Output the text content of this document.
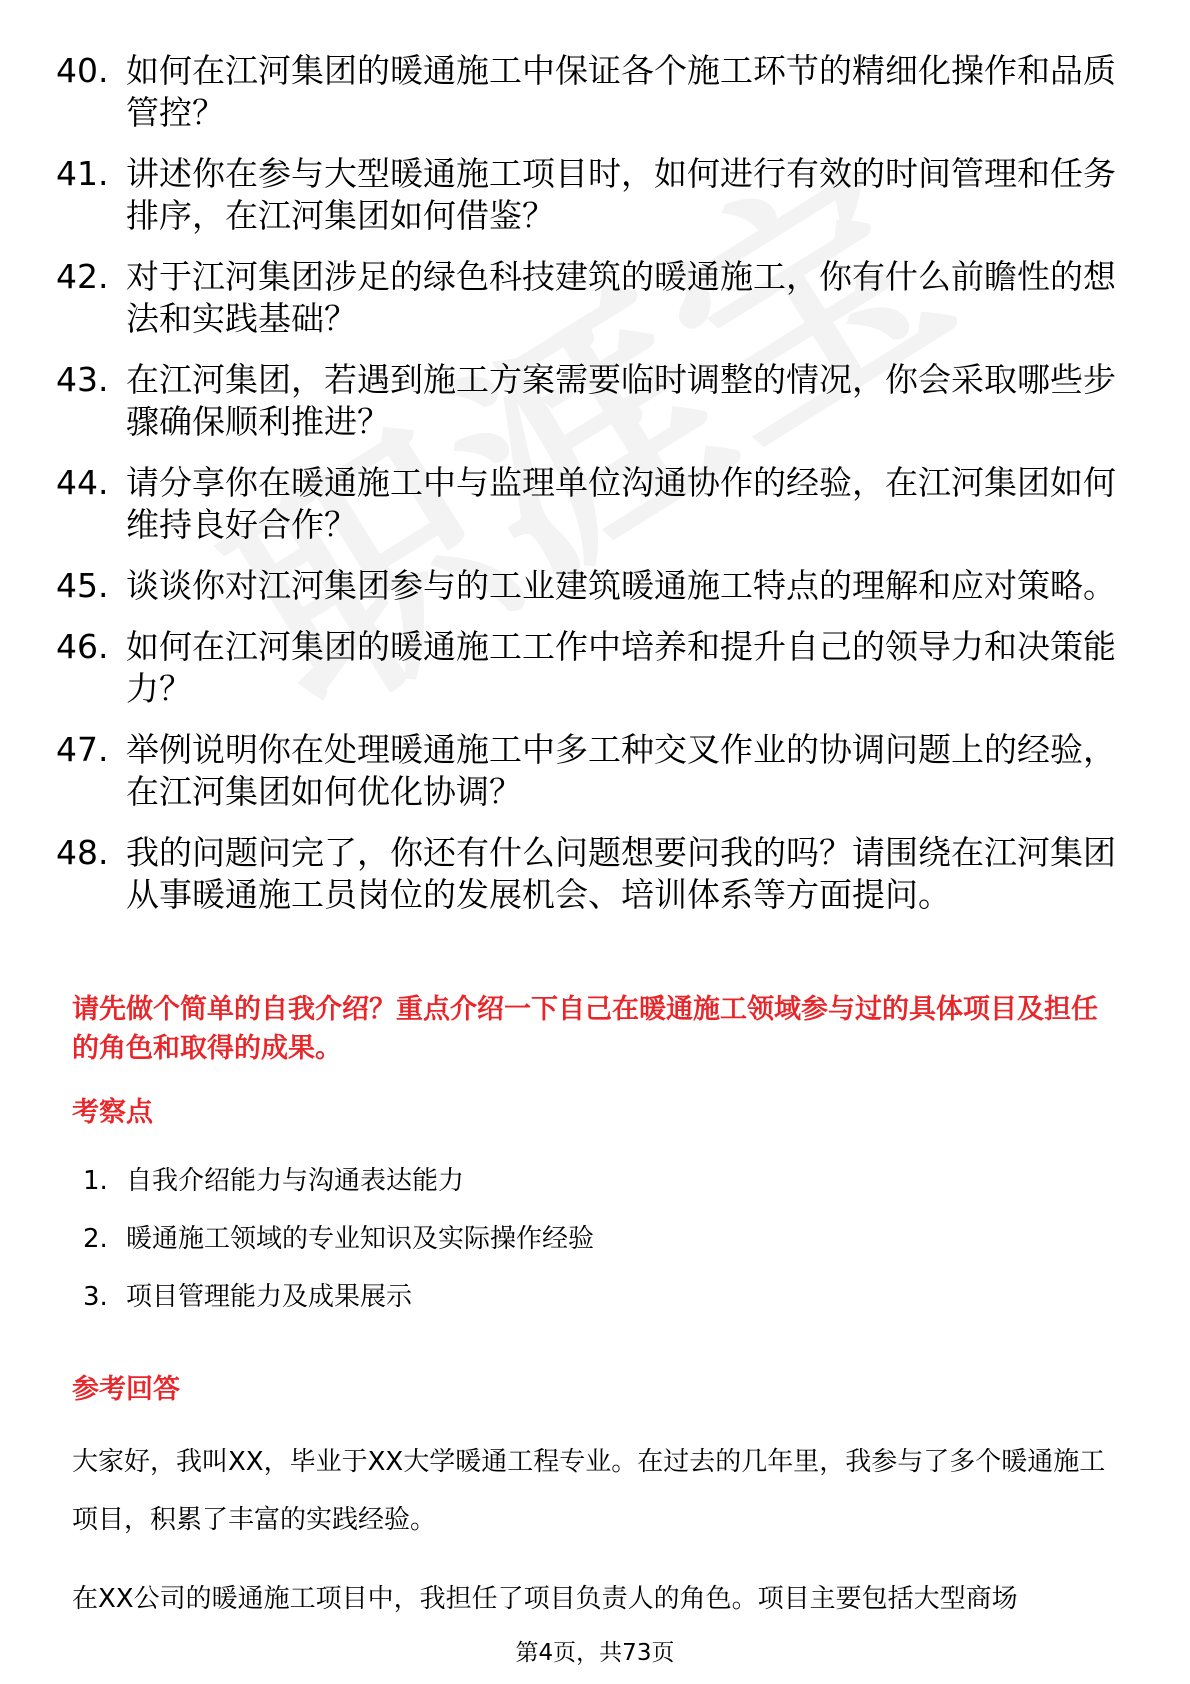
40. 如何在江河集团的暖通施工中保证各个施工环节的精细化操作和品质管控？
41. 讲述你在参与大型暖通施工项目时，如何进行有效的时间管理和任务排序，在江河集团如何借鉴？
42. 对于江河集团涉足的绿色科技建筑的暖通施工，你有什么前瞻性的想法和实践基础？
43. 在江河集团，若遇到施工方案需要临时调整的情况，你会采取哪些步骤确保顺利推进？
44. 请分享你在暖通施工中与监理单位沟通协作的经验，在江河集团如何维持良好合作？
45. 谈谈你对江河集团参与的工业建筑暖通施工特点的理解和应对策略。
46. 如何在江河集团的暖通施工工作中培养和提升自己的领导力和决策能力？
47. 举例说明你在处理暖通施工中多工种交叉作业的协调问题上的经验，在江河集团如何优化协调？
48. 我的问题问完了，你还有什么问题想要问我的吗？请围绕在江河集团从事暖通施工员岗位的发展机会、培训体系等方面提问。
请先做个简单的自我介绍？重点介绍一下自己在暖通施工领域参与过的具体项目及担任的角色和取得的成果。
考察点
1. 自我介绍能力与沟通表达能力
2. 暖通施工领域的专业知识及实际操作经验
3. 项目管理能力及成果展示
参考回答
大家好，我叫XX，毕业于XX大学暖通工程专业。在过去的几年里，我参与了多个暖通施工项目，积累了丰富的实践经验。
在XX公司的暖通施工项目中，我担任了项目负责人的角色。项目主要包括大型商场
第4页，共73页
